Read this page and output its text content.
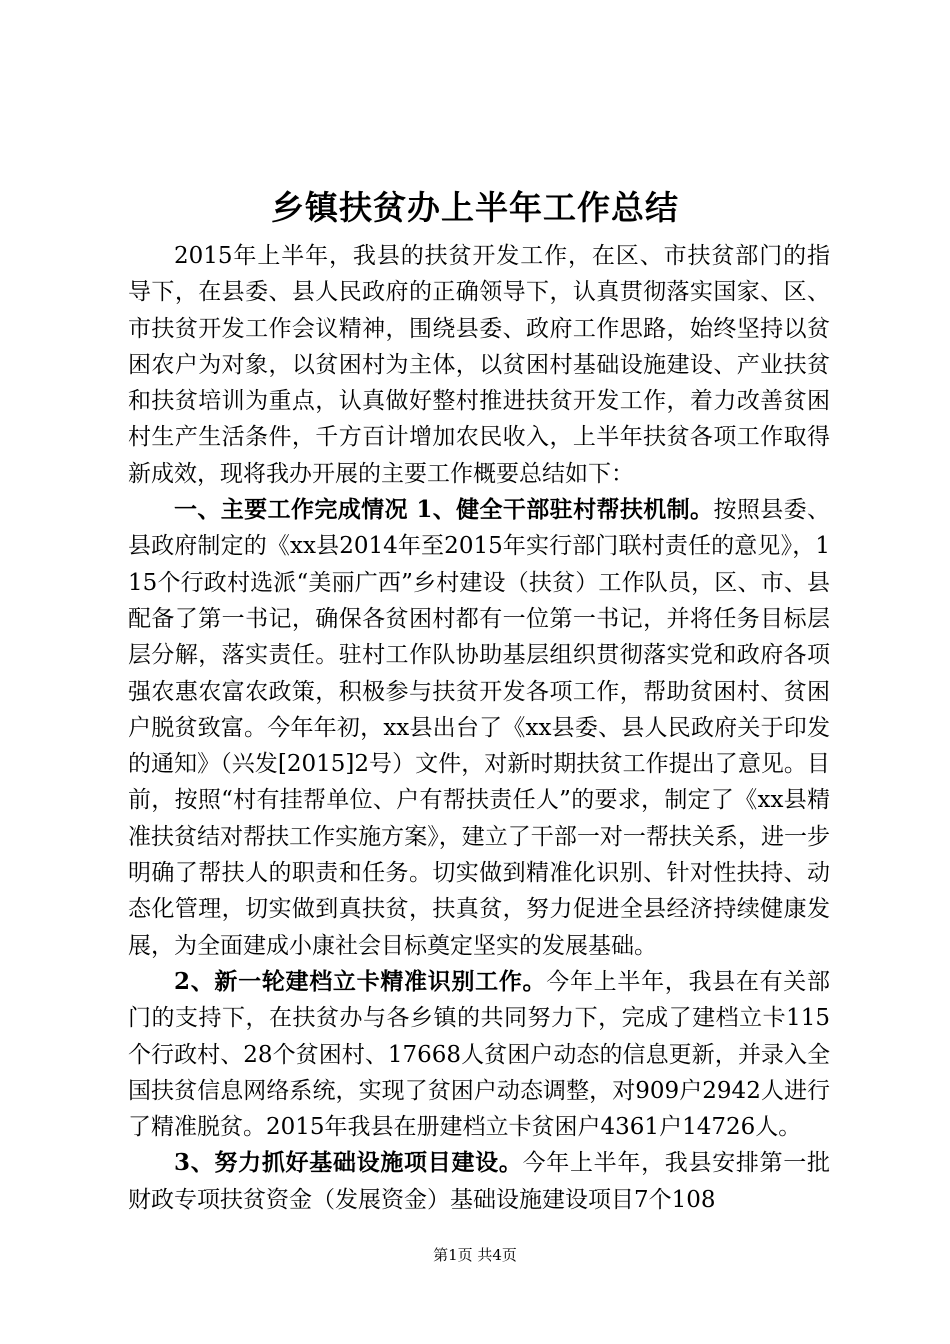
乡镇扶贫办上半年工作总结

2015年上半年，我县的扶贫开发工作，在区、市扶贫部门的指导下，在县委、县人民政府的正确领导下，认真贯彻落实国家、区、市扶贫开发工作会议精神，围绕县委、政府工作思路，始终坚持以贫困农户为对象，以贫困村为主体，以贫困村基础设施建设、产业扶贫和扶贫培训为重点，认真做好整村推进扶贫开发工作，着力改善贫困村生产生活条件，千方百计增加农民收入，上半年扶贫各项工作取得新成效，现将我办开展的主要工作概要总结如下：

一、主要工作完成情况 1、健全干部驻村帮扶机制。按照县委、县政府制定的《xx县2014年至2015年实行部门联村责任的意见》，115个行政村选派“美丽广西”乡村建设（扶贫）工作队员，区、市、县配备了第一书记，确保各贫困村都有一位第一书记，并将任务目标层层分解，落实责任。驻村工作队协助基层组织贯彻落实党和政府各项强农惠农富农政策，积极参与扶贫开发各项工作，帮助贫困村、贫困户脱贫致富。今年年初，xx县出台了《xx县委、县人民政府关于印发的通知》（兴发[2015]2号）文件，对新时期扶贫工作提出了意见。目前，按照“村有挂帮单位、户有帮扶责任人”的要求，制定了《xx县精准扶贫结对帮扶工作实施方案》，建立了干部一对一帮扶关系，进一步明确了帮扶人的职责和任务。切实做到精准化识别、针对性扶持、动态化管理，切实做到真扶贫，扶真贫，努力促进全县经济持续健康发展，为全面建成小康社会目标奠定坚实的发展基础。

2、新一轮建档立卡精准识别工作。今年上半年，我县在有关部门的支持下，在扶贫办与各乡镇的共同努力下，完成了建档立卡115个行政村、28个贫困村、17668人贫困户动态的信息更新，并录入全国扶贫信息网络系统，实现了贫困户动态调整，对909户2942人进行了精准脱贫。2015年我县在册建档立卡贫困户4361户14726人。

3、努力抓好基础设施项目建设。今年上半年，我县安排第一批财政专项扶贫资金（发展资金）基础设施建设项目7个108

第1页 共4页
